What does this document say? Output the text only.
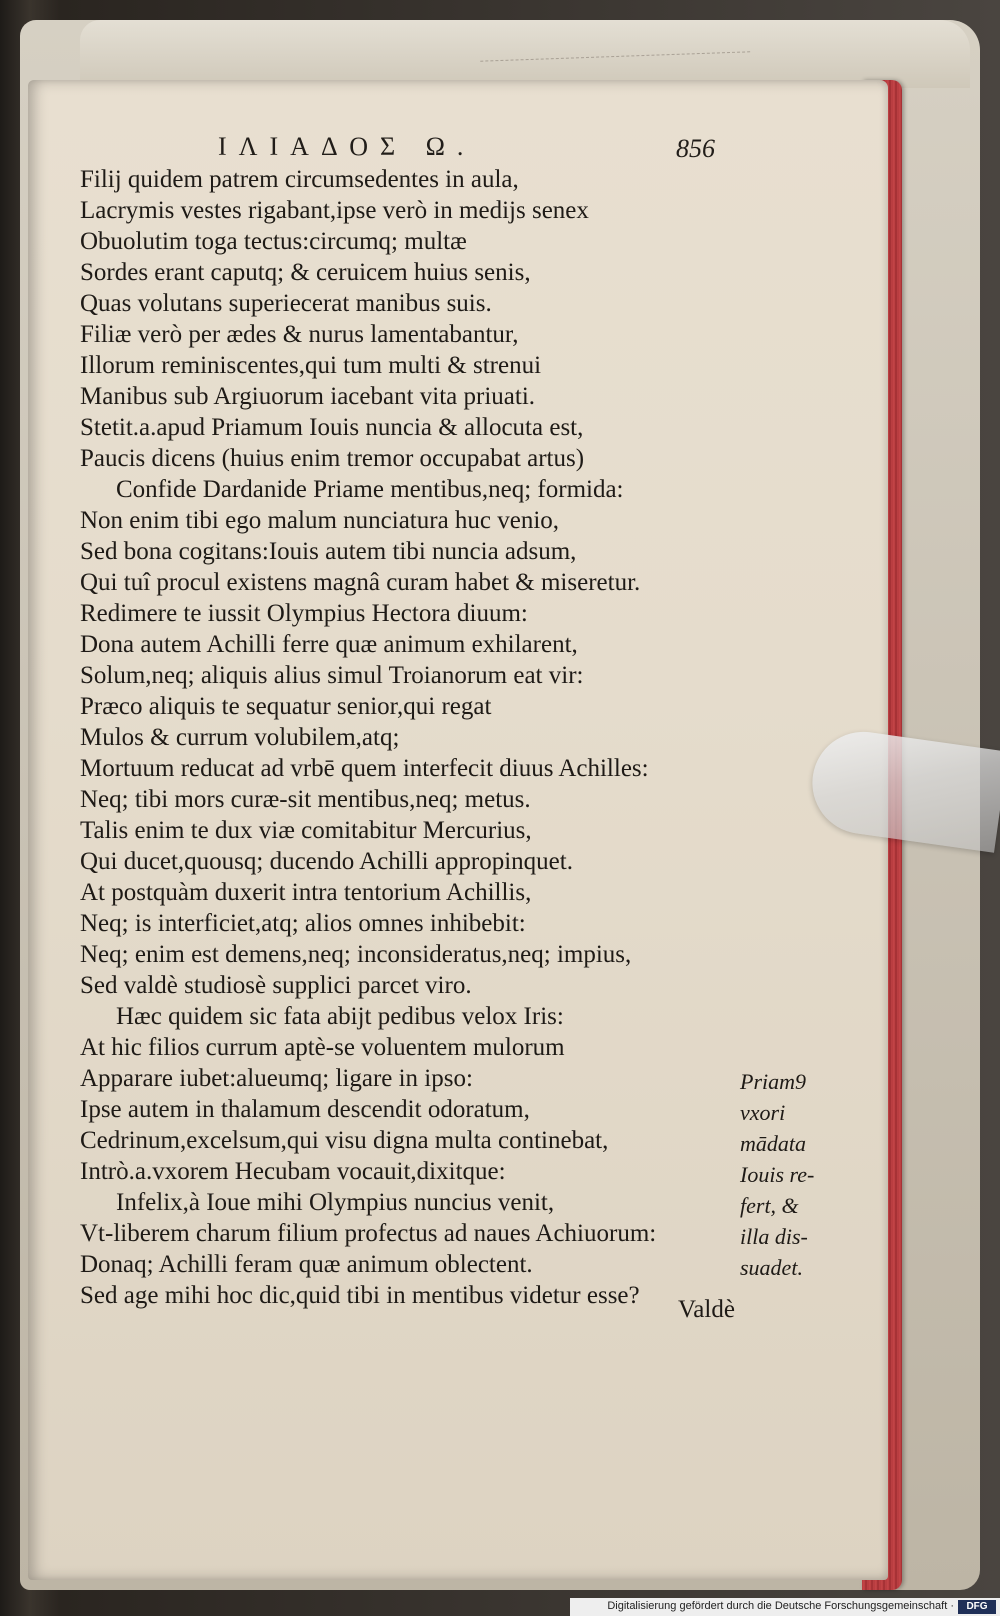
ΙΛΙΑΔΟΣ Ω.	856
Filij quidem patrem circumsedentes in aula,
Lacrymis vestes rigabant,ipse verò in medijs senex
Obuolutim toga tectus:circumq; multæ
Sordes erant caputq; & ceruicem huius senis,
Quas volutans superiecerat manibus suis.
Filiæ verò per ædes & nurus lamentabantur,
Illorum reminiscentes,qui tum multi & strenui
Manibus sub Argiuorum iacebant vita priuati.
Stetit.a.apud Priamum Iouis nuncia & allocuta est,
Paucis dicens (huius enim tremor occupabat artus)
Confide Dardanide Priame mentibus,neq; formida:
Non enim tibi ego malum nunciatura huc venio,
Sed bona cogitans:Iouis autem tibi nuncia adsum,
Qui tuî procul existens magnâ curam habet & miseretur.
Redimere te iussit Olympius Hectora diuum:
Dona autem Achilli ferre quæ animum exhilarent,
Solum,neq; aliquis alius simul Troianorum eat vir:
Præco aliquis te sequatur senior,qui regat
Mulos & currum volubilem,atq;
Mortuum reducat ad vrbē quem interfecit diuus Achilles:
Neq; tibi mors curæ-sit mentibus,neq; metus.
Talis enim te dux viæ comitabitur Mercurius,
Qui ducet,quousq; ducendo Achilli appropinquet.
At postquàm duxerit intra tentorium Achillis,
Neq; is interficiet,atq; alios omnes inhibebit:
Neq; enim est demens,neq; inconsideratus,neq; impius,
Sed valdè studiosè supplici parcet viro.
Hæc quidem sic fata abijt pedibus velox Iris:
At hic filios currum aptè-se voluentem mulorum
Apparare iubet:alueumq; ligare in ipso:
Ipse autem in thalamum descendit odoratum,
Cedrinum,excelsum,qui visu digna multa continebat,
Intrò.a.vxorem Hecubam vocauit,dixitque:
Infelix,à Ioue mihi Olympius nuncius venit,
Vt-liberem charum filium profectus ad naues Achiuorum:
Donaq; Achilli feram quæ animum oblectent.
Sed age mihi hoc dic,quid tibi in mentibus videtur esse?
Valdè
Priam9
vxori
mādata
Iouis re-
fert, &
illa dis-
suadet.
Digitalisierung gefördert durch die Deutsche Forschungsgemeinschaft ·	DFG
